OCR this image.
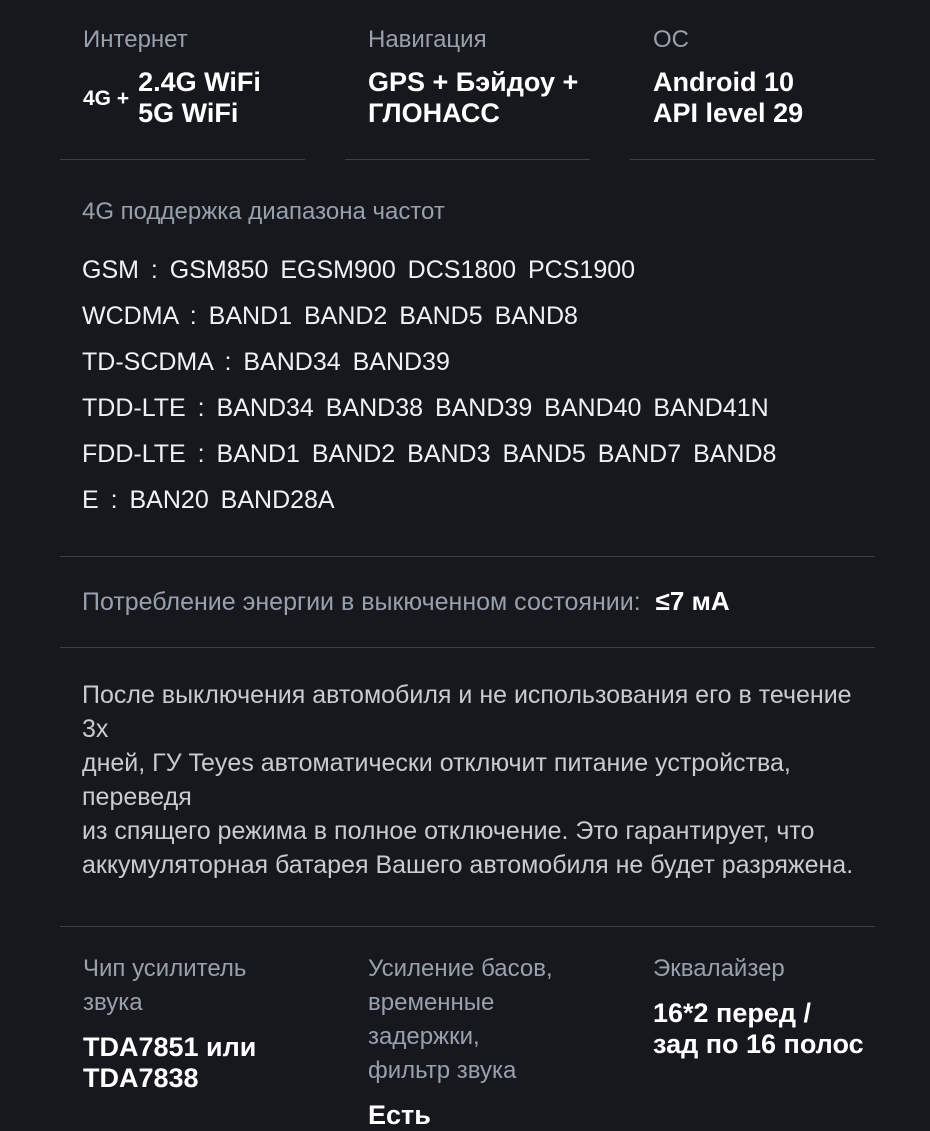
Интернет
4G +
2.4G WiFi
5G WiFi
Навигация
GPS + Бэйдоу +
ГЛОНАСС
ОС
Android 10
API level 29
4G поддержка диапазона частот
GSM : GSM850 EGSM900 DCS1800 PCS1900
WCDMA : BAND1 BAND2 BAND5 BAND8
TD-SCDMA : BAND34 BAND39
TDD-LTE : BAND34 BAND38 BAND39 BAND40 BAND41N
FDD-LTE : BAND1 BAND2 BAND3 BAND5 BAND7 BAND8
E : BAN20 BAND28A
Потребление энергии в выкюченном состоянии: ≤7 мА
После выключения автомобиля и не использования его в течение 3х
дней, ГУ Teyes автоматически отключит питание устройства, переведя
из спящего режима в полное отключение. Это гарантирует, что
аккумуляторная батарея Вашего автомобиля не будет разряжена.
Чип усилитель звука
TDA7851 или
TDA7838
Усиление басов,
временные задержки,
фильтр звука
Есть
Эквалайзер
16*2 перед /
зад по 16 полос
